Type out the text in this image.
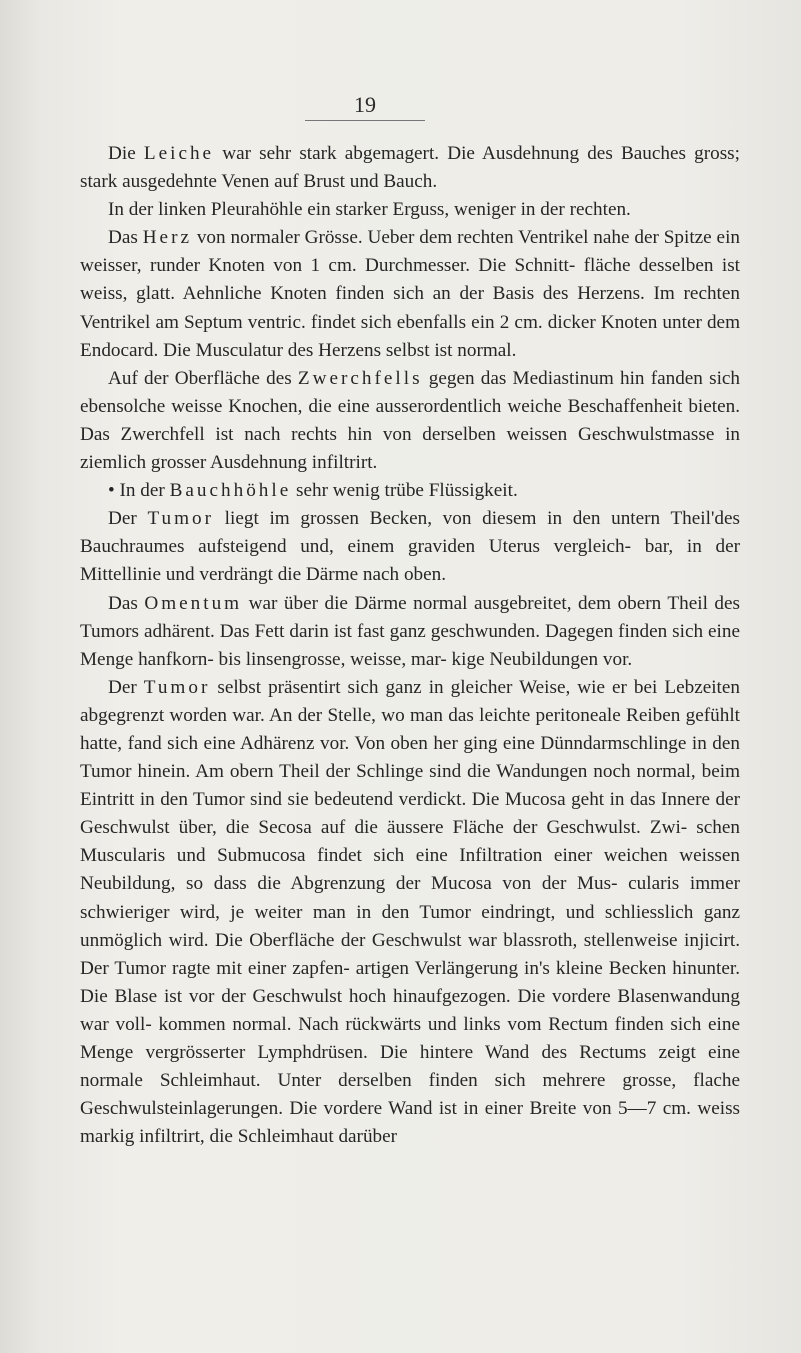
19

Die Leiche war sehr stark abgemagert. Die Ausdehnung des Bauches gross; stark ausgedehnte Venen auf Brust und Bauch.

In der linken Pleurahöhle ein starker Erguss, weniger in der rechten.

Das Herz von normaler Grösse. Ueber dem rechten Ventrikel nahe der Spitze ein weisser, runder Knoten von 1 cm. Durchmesser. Die Schnitt- fläche desselben ist weiss, glatt. Aehnliche Knoten finden sich an der Basis des Herzens. Im rechten Ventrikel am Septum ventric. findet sich ebenfalls ein 2 cm. dicker Knoten unter dem Endocard. Die Musculatur des Herzens selbst ist normal.

Auf der Oberfläche des Zwerchfells gegen das Mediastinum hin fanden sich ebensolche weisse Knochen, die eine ausserordentlich weiche Beschaffenheit bieten. Das Zwerchfell ist nach rechts hin von derselben weissen Geschwulstmasse in ziemlich grosser Ausdehnung infiltrirt.

• In der Bauchhöhle sehr wenig trübe Flüssigkeit.

Der Tumor liegt im grossen Becken, von diesem in den untern Theil'des Bauchraumes aufsteigend und, einem graviden Uterus vergleich- bar, in der Mittellinie und verdrängt die Därme nach oben.

Das Omentum war über die Därme normal ausgebreitet, dem obern Theil des Tumors adhärent. Das Fett darin ist fast ganz geschwunden. Dagegen finden sich eine Menge hanfkorn- bis linsengrosse, weisse, mar- kige Neubildungen vor.

Der Tumor selbst präsentirt sich ganz in gleicher Weise, wie er bei Lebzeiten abgegrenzt worden war. An der Stelle, wo man das leichte peritoneale Reiben gefühlt hatte, fand sich eine Adhärenz vor. Von oben her ging eine Dünndarmschlinge in den Tumor hinein. Am obern Theil der Schlinge sind die Wandungen noch normal, beim Eintritt in den Tumor sind sie bedeutend verdickt. Die Mucosa geht in das Innere der Geschwulst über, die Secosa auf die äussere Fläche der Geschwulst. Zwi- schen Muscularis und Submucosa findet sich eine Infiltration einer weichen weissen Neubildung, so dass die Abgrenzung der Mucosa von der Mus- cularis immer schwieriger wird, je weiter man in den Tumor eindringt, und schliesslich ganz unmöglich wird. Die Oberfläche der Geschwulst war blassroth, stellenweise injicirt. Der Tumor ragte mit einer zapfen- artigen Verlängerung in's kleine Becken hinunter. Die Blase ist vor der Geschwulst hoch hinaufgezogen. Die vordere Blasenwandung war voll- kommen normal. Nach rückwärts und links vom Rectum finden sich eine Menge vergrösserter Lymphdrüsen. Die hintere Wand des Rectums zeigt eine normale Schleimhaut. Unter derselben finden sich mehrere grosse, flache Geschwulsteinlagerungen. Die vordere Wand ist in einer Breite von 5—7 cm. weiss markig infiltrirt, die Schleimhaut darüber
